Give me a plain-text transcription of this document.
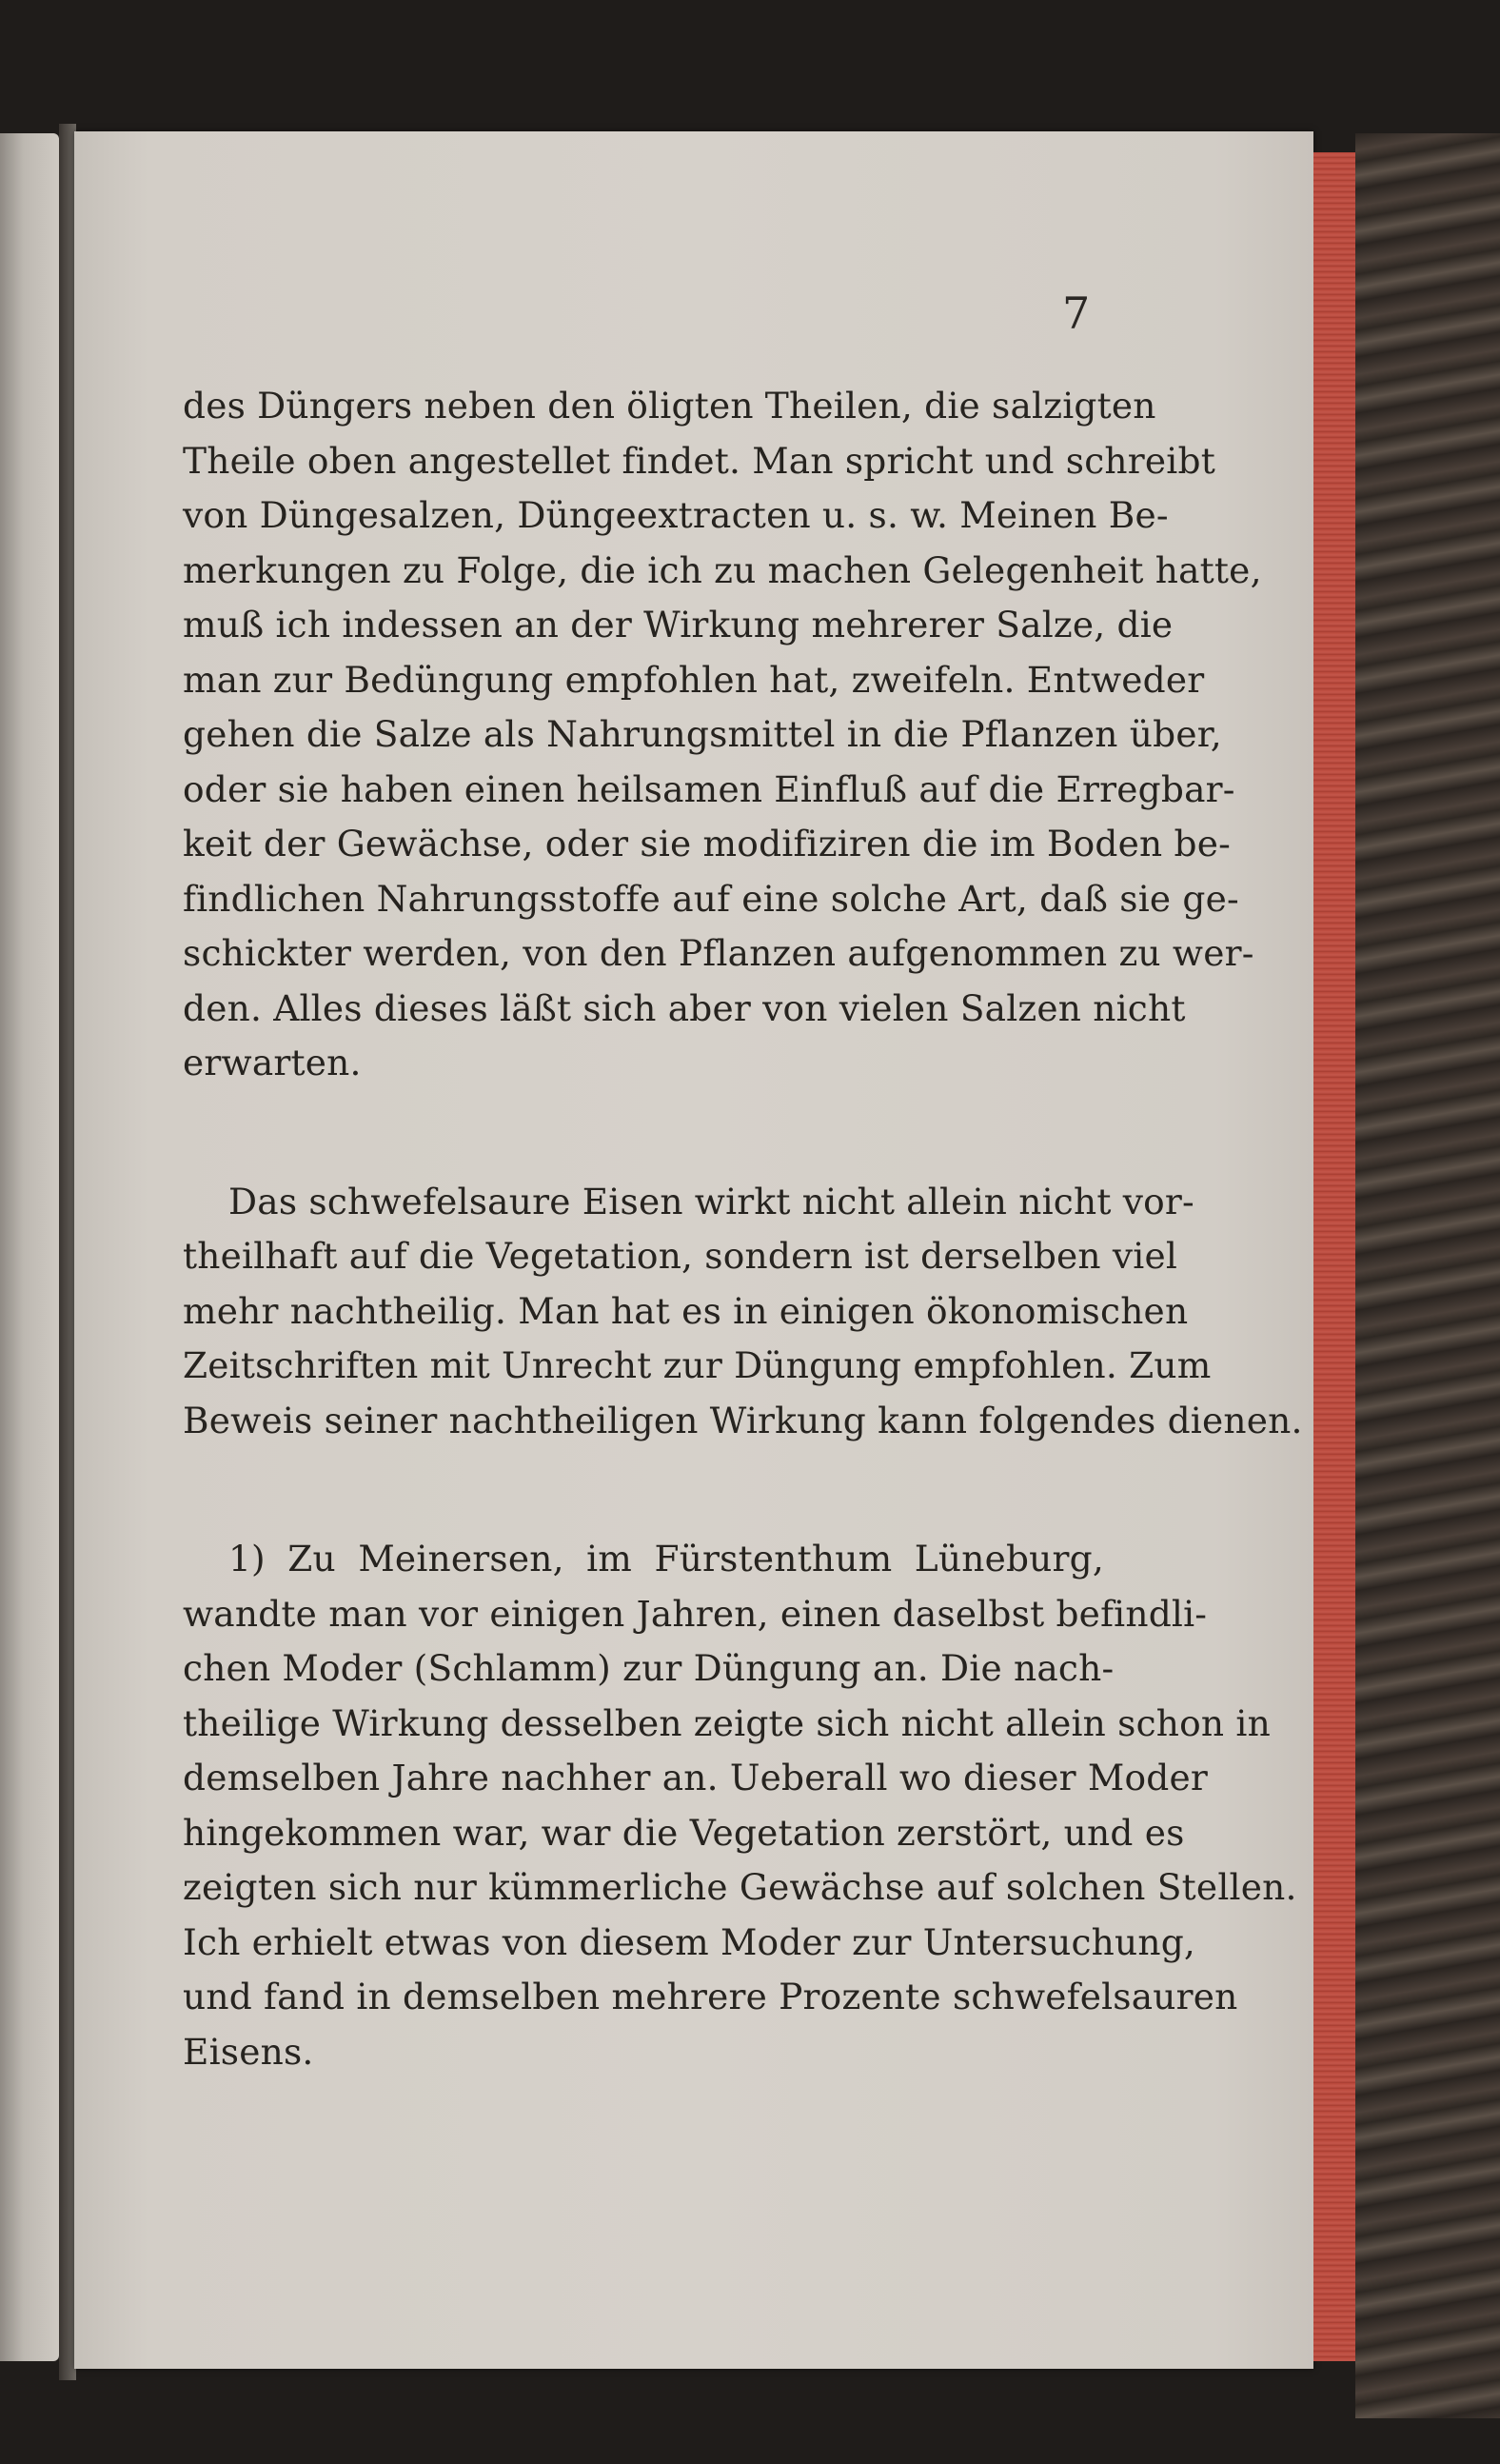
7
des Düngers neben den öligten Theilen, die salzigten
Theile oben angestellet findet. Man spricht und schreibt
von Düngesalzen, Düngeextracten u. s. w. Meinen Be-
merkungen zu Folge, die ich zu machen Gelegenheit hatte,
muß ich indessen an der Wirkung mehrerer Salze, die
man zur Bedüngung empfohlen hat, zweifeln. Entweder
gehen die Salze als Nahrungsmittel in die Pflanzen über,
oder sie haben einen heilsamen Einfluß auf die Erregbar-
keit der Gewächse, oder sie modifiziren die im Boden be-
findlichen Nahrungsstoffe auf eine solche Art, daß sie ge-
schickter werden, von den Pflanzen aufgenommen zu wer-
den. Alles dieses läßt sich aber von vielen Salzen nicht
erwarten.
Das schwefelsaure Eisen wirkt nicht allein nicht vor-
theilhaft auf die Vegetation, sondern ist derselben viel
mehr nachtheilig. Man hat es in einigen ökonomischen
Zeitschriften mit Unrecht zur Düngung empfohlen. Zum
Beweis seiner nachtheiligen Wirkung kann folgendes dienen.
1) Zu Meinersen, im Fürstenthum Lüneburg,
wandte man vor einigen Jahren, einen daselbst befindli-
chen Moder (Schlamm) zur Düngung an. Die nach-
theilige Wirkung desselben zeigte sich nicht allein schon in
demselben Jahre nachher an. Ueberall wo dieser Moder
hingekommen war, war die Vegetation zerstört, und es
zeigten sich nur kümmerliche Gewächse auf solchen Stellen.
Ich erhielt etwas von diesem Moder zur Untersuchung,
und fand in demselben mehrere Prozente schwefelsauren
Eisens.
